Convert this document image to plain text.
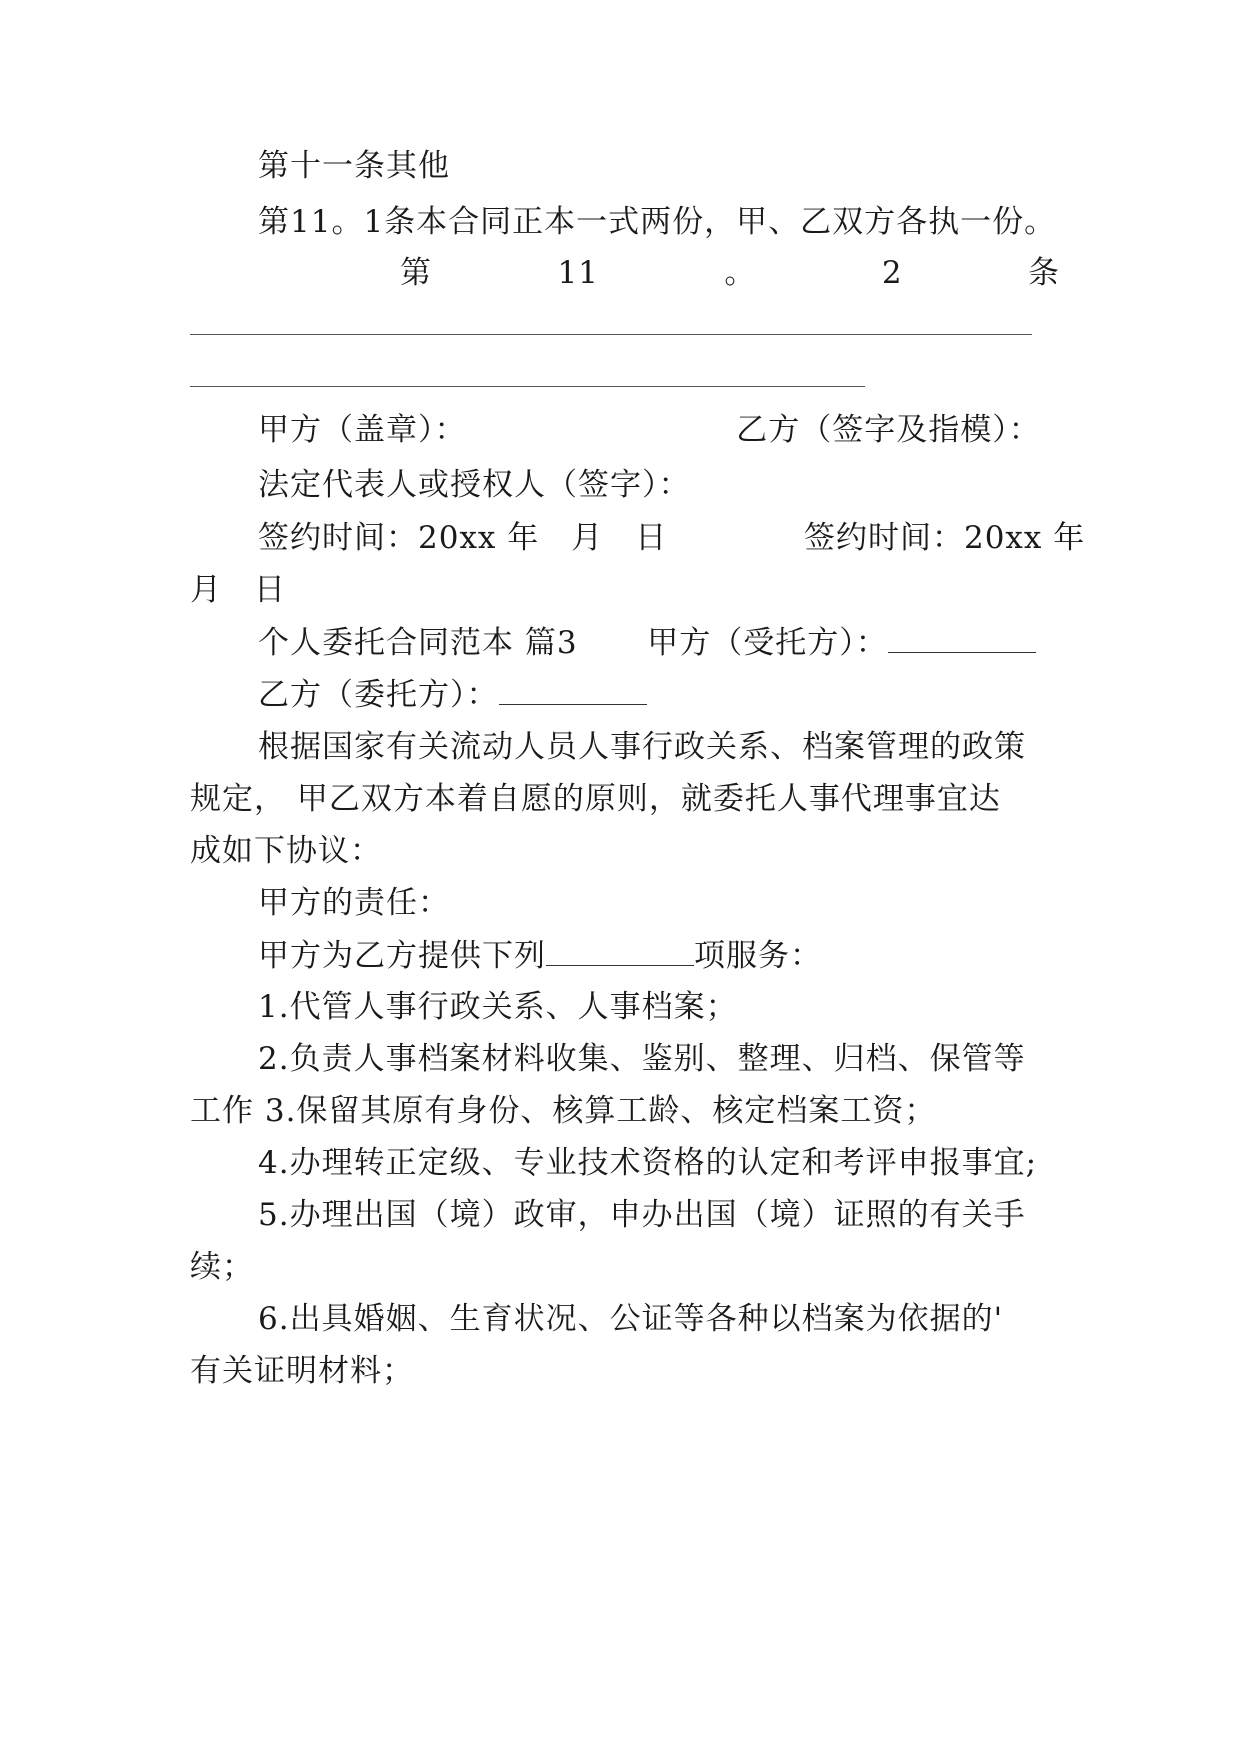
第十一条其他
第11。1条本合同正本一式两份，甲、乙双方各执一份。
第	11	。	2	条
甲方（盖章）：	乙方（签字及指模）：
法定代表人或授权人（签字）：
签约时间：20xx 年　月　日	签约时间：20xx 年
月　日
个人委托合同范本 篇3 甲方（受托方）：
乙方（委托方）：
根据国家有关流动人员人事行政关系、档案管理的政策
规定， 甲乙双方本着自愿的原则，就委托人事代理事宜达
成如下协议：
甲方的责任：
甲方为乙方提供下列	项服务：
1.代管人事行政关系、人事档案；
2.负责人事档案材料收集、鉴别、整理、归档、保管等
工作 3.保留其原有身份、核算工龄、核定档案工资；
4.办理转正定级、专业技术资格的认定和考评申报事宜;
5.办理出国（境）政审，申办出国（境）证照的有关手
续；
6.出具婚姻、生育状况、公证等各种以档案为依据的'
有关证明材料；
